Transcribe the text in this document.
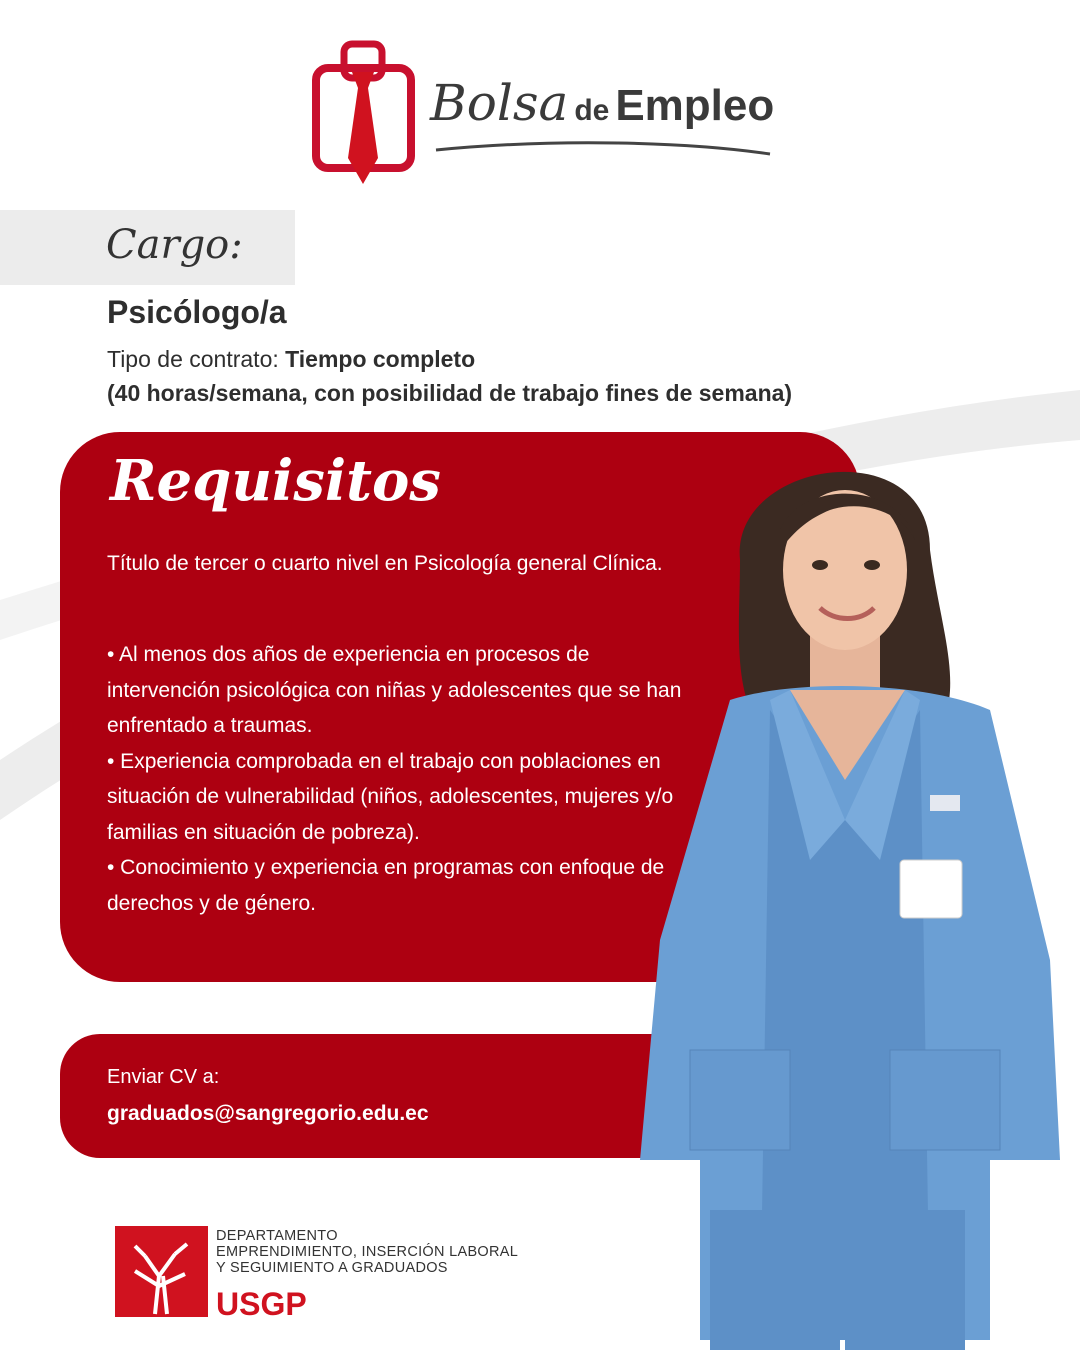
Bolsa de Empleo
Cargo:
Psicólogo/a
Tipo de contrato: Tiempo completo
(40 horas/semana, con posibilidad de trabajo fines de semana)
Requisitos
Título de tercer o cuarto nivel en Psicología general Clínica.
• Al menos dos años de experiencia en procesos de intervención psicológica con niñas y adolescentes que se han enfrentado a traumas.
• Experiencia comprobada en el trabajo con poblaciones en situación de vulnerabilidad (niños, adolescentes, mujeres y/o familias en situación de pobreza).
• Conocimiento y experiencia en programas con enfoque de derechos y de género.
Enviar CV a:
graduados@sangregorio.edu.ec
DEPARTAMENTO
EMPRENDIMIENTO, INSERCIÓN LABORAL
Y SEGUIMIENTO A GRADUADOS
USGP
